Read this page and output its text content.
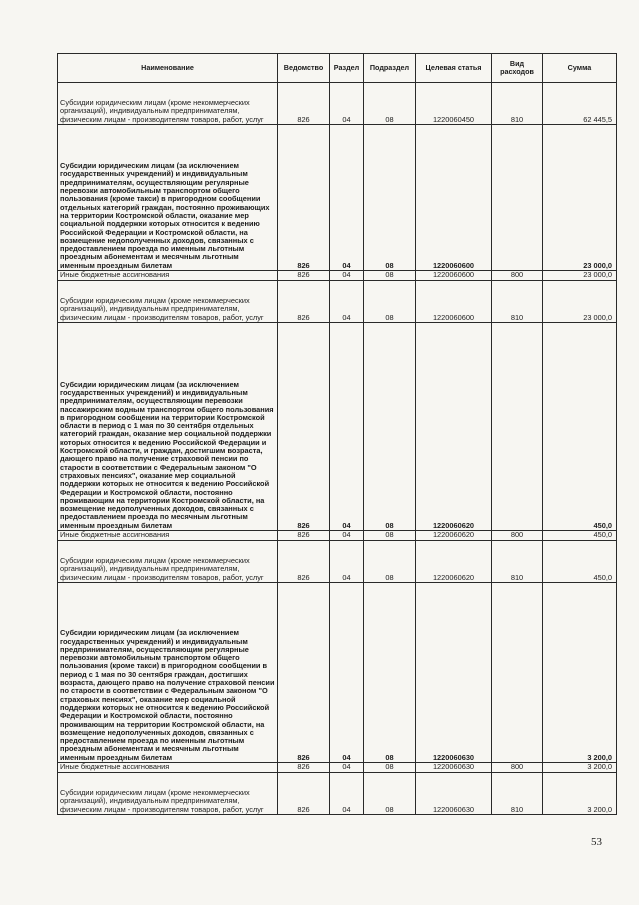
Наименование	Ведомство	Раздел	Подраздел	Целевая статья	Вид расходов	Сумма
Субсидии юридическим лицам (кроме некоммерческих организаций), индивидуальным предпринимателям, физическим лицам - производителям товаров, работ, услуг	826	04	08	1220060450	810	62 445,5
Субсидии юридическим лицам (за исключением государственных учреждений) и индивидуальным предпринимателям, осуществляющим регулярные перевозки автомобильным транспортом общего пользования (кроме такси) в пригородном сообщении отдельных категорий граждан, постоянно проживающих на территории Костромской области, оказание мер социальной поддержки которых относится к ведению Российской Федерации и Костромской области, на возмещение недополученных доходов, связанных с предоставлением проезда по именным льготным проездным абонементам и месячным льготным именным проездным билетам	826	04	08	1220060600		23 000,0
Иные бюджетные ассигнования	826	04	08	1220060600	800	23 000,0
Субсидии юридическим лицам (кроме некоммерческих организаций), индивидуальным предпринимателям, физическим лицам - производителям товаров, работ, услуг	826	04	08	1220060600	810	23 000,0
Субсидии юридическим лицам (за исключением государственных учреждений) и индивидуальным предпринимателям, осуществляющим перевозки пассажирским водным транспортом общего пользования в пригородном сообщении на территории Костромской области в период с 1 мая по 30 сентября отдельных категорий граждан, оказание мер социальной поддержки которых относится к ведению Российской Федерации и Костромской области, и граждан, достигшим возраста, дающего право на получение страховой пенсии по старости в соответствии с Федеральным законом "О страховых пенсиях", оказание мер социальной поддержки которых не относится к ведению Российской Федерации и Костромской области, постоянно проживающим на территории Костромской области, на возмещение недополученных доходов, связанных с предоставлением проезда по месячным льготным именным проездным билетам	826	04	08	1220060620		450,0
Иные бюджетные ассигнования	826	04	08	1220060620	800	450,0
Субсидии юридическим лицам (кроме некоммерческих организаций), индивидуальным предпринимателям, физическим лицам - производителям товаров, работ, услуг	826	04	08	1220060620	810	450,0
Субсидии юридическим лицам (за исключением государственных учреждений) и индивидуальным предпринимателям, осуществляющим регулярные перевозки автомобильным транспортом общего пользования (кроме такси) в пригородном сообщении в период с 1 мая по 30 сентября граждан, достигших возраста, дающего право на получение страховой пенсии по старости в соответствии с Федеральным законом "О страховых пенсиях", оказание мер социальной поддержки которых не относится к ведению Российской Федерации и Костромской области, постоянно проживающим на территории Костромской области, на возмещение недополученных доходов, связанных с предоставлением проезда по именным льготным проездным абонементам и месячным льготным именным проездным билетам	826	04	08	1220060630		3 200,0
Иные бюджетные ассигнования	826	04	08	1220060630	800	3 200,0
Субсидии юридическим лицам (кроме некоммерческих организаций), индивидуальным предпринимателям, физическим лицам - производителям товаров, работ, услуг	826	04	08	1220060630	810	3 200,0
53
